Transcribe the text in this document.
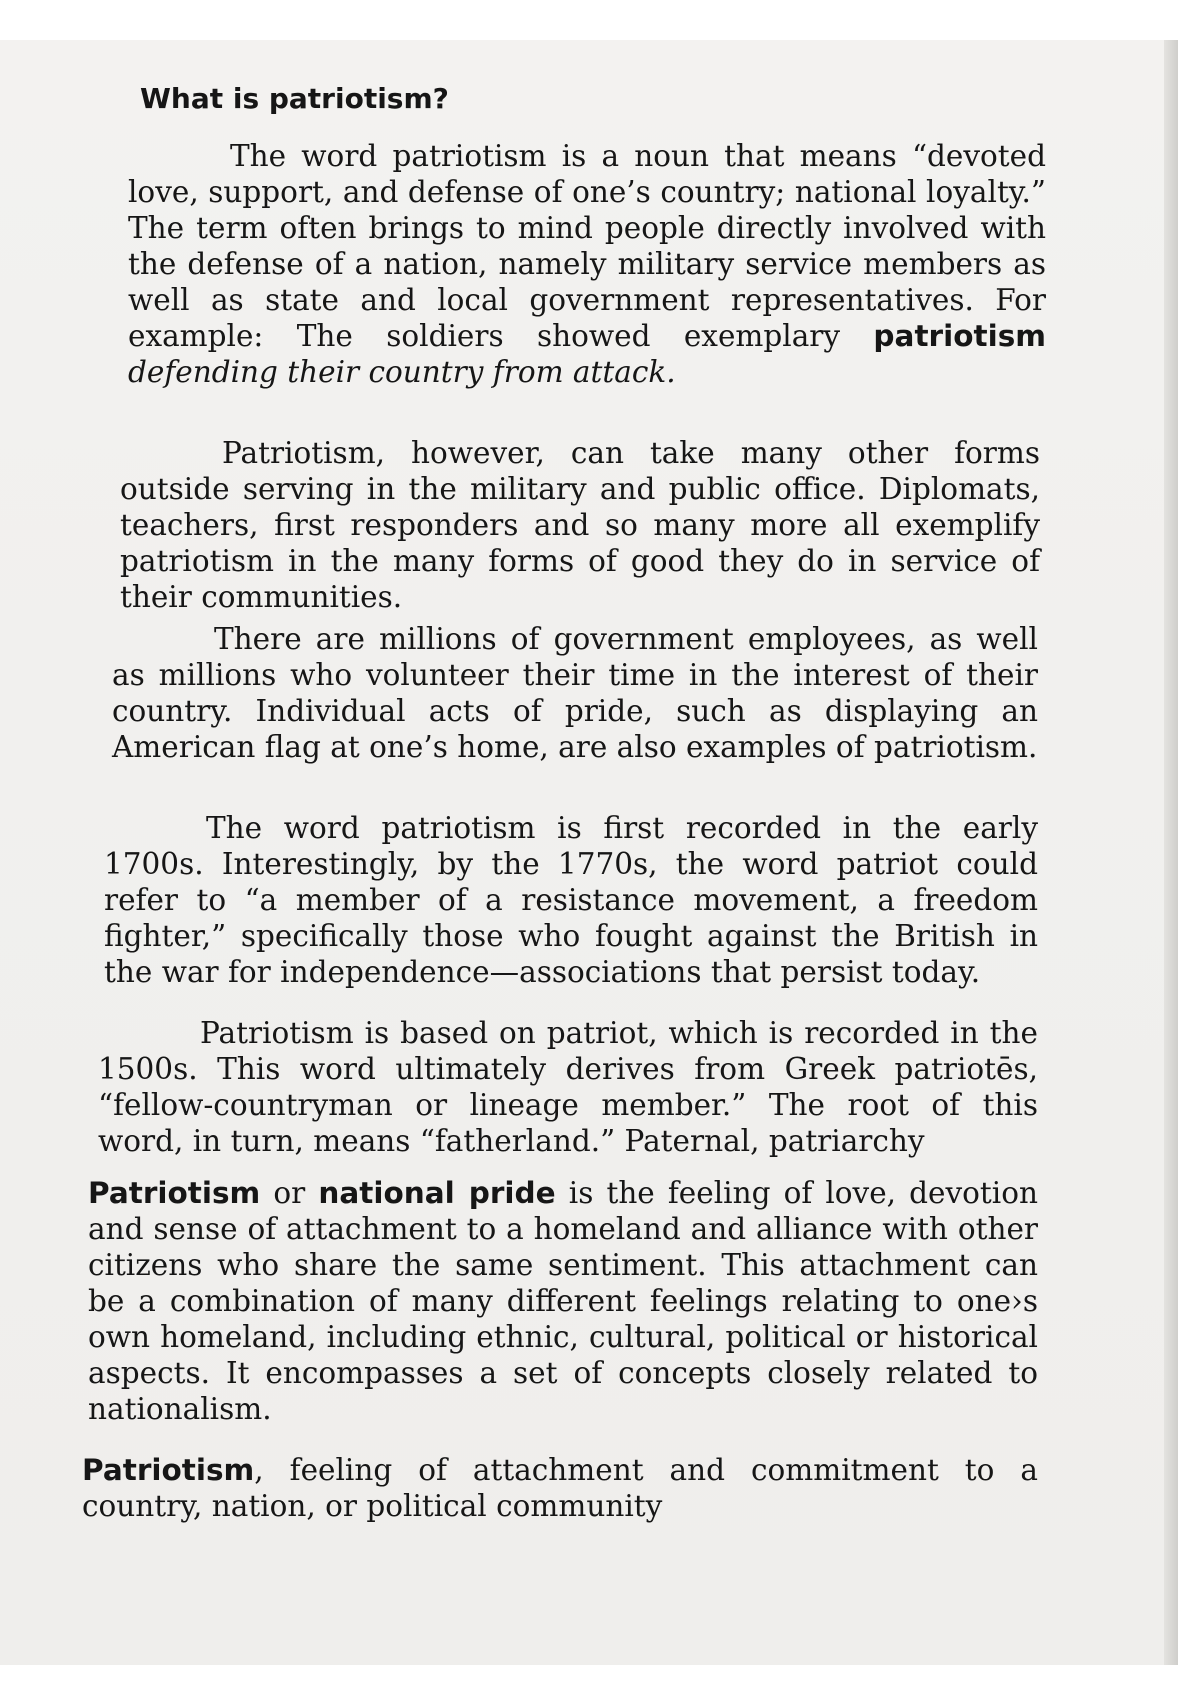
What is patriotism?

The word patriotism is a noun that means “devoted love, support, and defense of one’s country; national loyalty.” The term often brings to mind people directly involved with the defense of a nation, namely military service members as well as state and local government representatives. For example: The soldiers showed exemplary patriotism defending their country from attack.

Patriotism, however, can take many other forms outside serving in the military and public office. Diplomats, teachers, first responders and so many more all exemplify patriotism in the many forms of good they do in service of their communities.

There are millions of government employees, as well as millions who volunteer their time in the interest of their country. Individual acts of pride, such as displaying an American flag at one’s home, are also examples of patriotism.

The word patriotism is first recorded in the early 1700s. Interestingly, by the 1770s, the word patriot could refer to “a member of a resistance movement, a freedom fighter,” specifically those who fought against the British in the war for independence—associations that persist today.

Patriotism is based on patriot, which is recorded in the 1500s. This word ultimately derives from Greek patriotēs, “fellow-countryman or lineage member.” The root of this word, in turn, means “fatherland.” Paternal, patriarchy

Patriotism or national pride is the feeling of love, devotion and sense of attachment to a homeland and alliance with other citizens who share the same sentiment. This attachment can be a combination of many different feelings relating to one›s own homeland, including ethnic, cultural, political or historical aspects. It encompasses a set of concepts closely related to nationalism.

Patriotism, feeling of attachment and commitment to a country, nation, or political community
